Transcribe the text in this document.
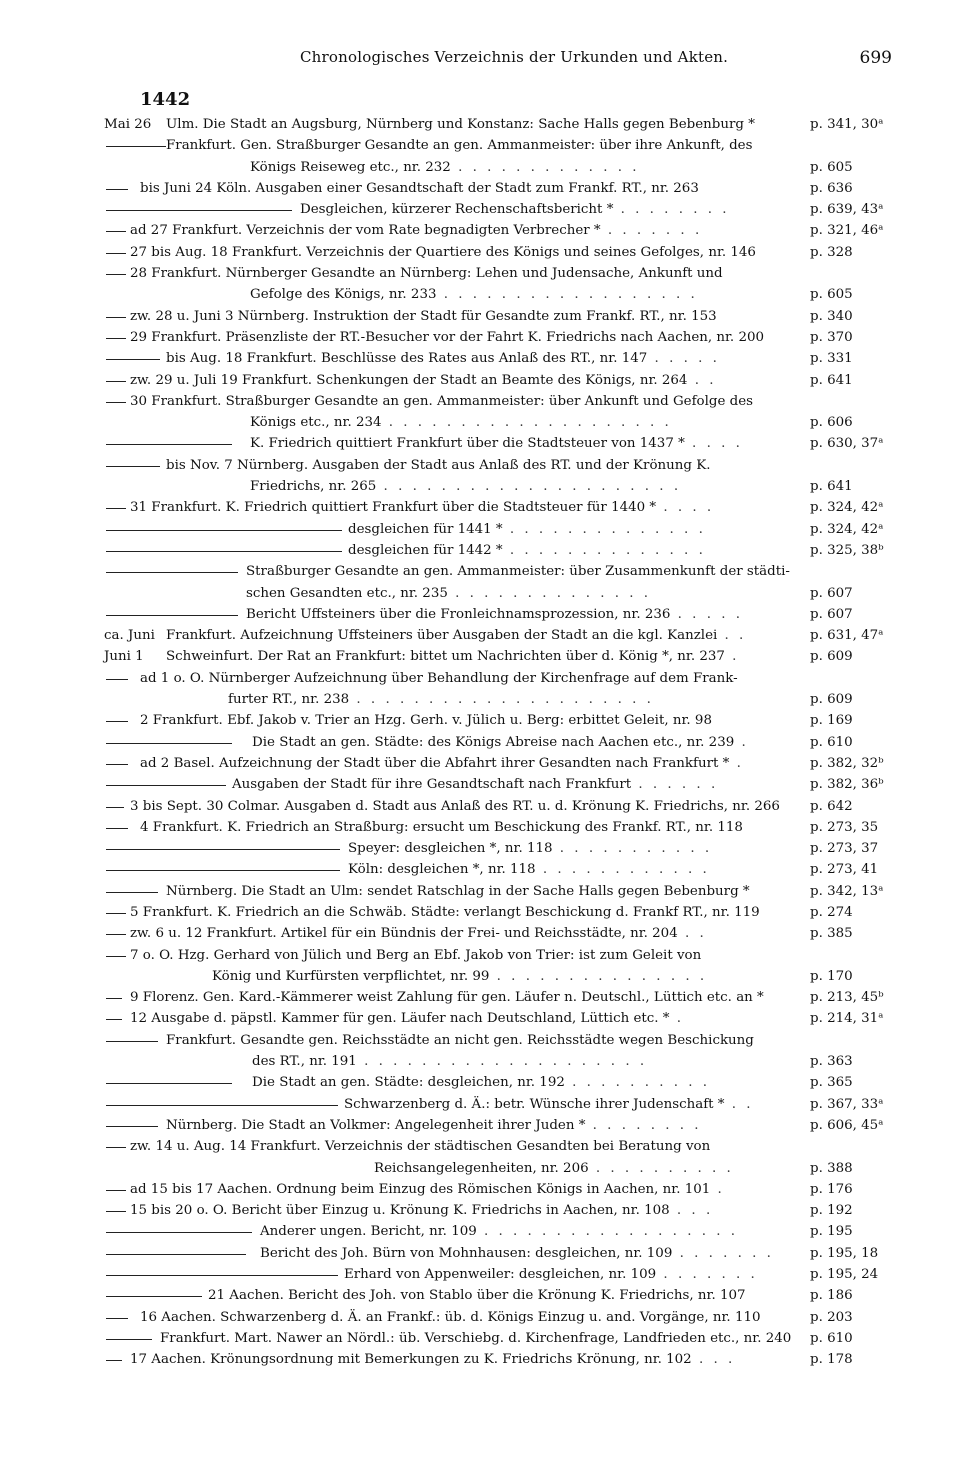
Chronologisches Verzeichnis der Urkunden und Akten.	699
1442
Mai 26 Ulm. Die Stadt an Augsburg, Nürnberg und Konstanz: Sache Halls gegen Bebenburg *	p. 341, 30ᵃ
Frankfurt. Gen. Straßburger Gesandte an gen. Ammanmeister: über ihre Ankunft, des
Königs Reiseweg etc., nr. 232 . . . . . . . . . . . . .	p. 605
bis Juni 24 Köln. Ausgaben einer Gesandtschaft der Stadt zum Frankf. RT., nr. 263	p. 636
Desgleichen, kürzerer Rechenschaftsbericht * . . . . . . . .	p. 639, 43ᵃ
ad 27 Frankfurt. Verzeichnis der vom Rate begnadigten Verbrecher * . . . . . . .	p. 321, 46ᵃ
27 bis Aug. 18 Frankfurt. Verzeichnis der Quartiere des Königs und seines Gefolges, nr. 146	p. 328
28 Frankfurt. Nürnberger Gesandte an Nürnberg: Lehen und Judensache, Ankunft und
Gefolge des Königs, nr. 233 . . . . . . . . . . . . . . . . . .	p. 605
zw. 28 u. Juni 3 Nürnberg. Instruktion der Stadt für Gesandte zum Frankf. RT., nr. 153	p. 340
29 Frankfurt. Präsenzliste der RT.-Besucher vor der Fahrt K. Friedrichs nach Aachen, nr. 200	p. 370
bis Aug. 18 Frankfurt. Beschlüsse des Rates aus Anlaß des RT., nr. 147 . . . . .	p. 331
zw. 29 u. Juli 19 Frankfurt. Schenkungen der Stadt an Beamte des Königs, nr. 264 . .	p. 641
30 Frankfurt. Straßburger Gesandte an gen. Ammanmeister: über Ankunft und Gefolge des
Königs etc., nr. 234 . . . . . . . . . . . . . . . . . . . .	p. 606
K. Friedrich quittiert Frankfurt über die Stadtsteuer von 1437 * . . . .	p. 630, 37ᵃ
bis Nov. 7 Nürnberg. Ausgaben der Stadt aus Anlaß des RT. und der Krönung K.
Friedrichs, nr. 265 . . . . . . . . . . . . . . . . . . . . .	p. 641
31 Frankfurt. K. Friedrich quittiert Frankfurt über die Stadtsteuer für 1440 * . . . .	p. 324, 42ᵃ
desgleichen für 1441 * . . . . . . . . . . . . . .	p. 324, 42ᵃ
desgleichen für 1442 * . . . . . . . . . . . . . .	p. 325, 38ᵇ
Straßburger Gesandte an gen. Ammanmeister: über Zusammenkunft der städti-
schen Gesandten etc., nr. 235 . . . . . . . . . . . . . .	p. 607
Bericht Uffsteiners über die Fronleichnamsprozession, nr. 236 . . . . .	p. 607
ca. Juni Frankfurt. Aufzeichnung Uffsteiners über Ausgaben der Stadt an die kgl. Kanzlei . .	p. 631, 47ᵃ
Juni 1 Schweinfurt. Der Rat an Frankfurt: bittet um Nachrichten über d. König *, nr. 237 .	p. 609
ad 1 o. O. Nürnberger Aufzeichnung über Behandlung der Kirchenfrage auf dem Frank-
furter RT., nr. 238 . . . . . . . . . . . . . . . . . . . . .	p. 609
2 Frankfurt. Ebf. Jakob v. Trier an Hzg. Gerh. v. Jülich u. Berg: erbittet Geleit, nr. 98	p. 169
Die Stadt an gen. Städte: des Königs Abreise nach Aachen etc., nr. 239 .	p. 610
ad 2 Basel. Aufzeichnung der Stadt über die Abfahrt ihrer Gesandten nach Frankfurt * .	p. 382, 32ᵇ
Ausgaben der Stadt für ihre Gesandtschaft nach Frankfurt . . . . . .	p. 382, 36ᵇ
3 bis Sept. 30 Colmar. Ausgaben d. Stadt aus Anlaß des RT. u. d. Krönung K. Friedrichs, nr. 266 p. 642
4 Frankfurt. K. Friedrich an Straßburg: ersucht um Beschickung des Frankf. RT., nr. 118	p. 273, 35
Speyer: desgleichen *, nr. 118 . . . . . . . . . . .	p. 273, 37
Köln: desgleichen *, nr. 118 . . . . . . . . . . . .	p. 273, 41
Nürnberg. Die Stadt an Ulm: sendet Ratschlag in der Sache Halls gegen Bebenburg *	p. 342, 13ᵃ
5 Frankfurt. K. Friedrich an die Schwäb. Städte: verlangt Beschickung d. Frankf RT., nr. 119	p. 274
zw. 6 u. 12 Frankfurt. Artikel für ein Bündnis der Frei- und Reichsstädte, nr. 204 . .	p. 385
7 o. O. Hzg. Gerhard von Jülich und Berg an Ebf. Jakob von Trier: ist zum Geleit von
König und Kurfürsten verpflichtet, nr. 99 . . . . . . . . . . . . . . .	p. 170
9 Florenz. Gen. Kard.-Kämmerer weist Zahlung für gen. Läufer n. Deutschl., Lüttich etc. an *	p. 213, 45ᵇ
12 Ausgabe d. päpstl. Kammer für gen. Läufer nach Deutschland, Lüttich etc. * .	p. 214, 31ᵃ
Frankfurt. Gesandte gen. Reichsstädte an nicht gen. Reichsstädte wegen Beschickung
des RT., nr. 191 . . . . . . . . . . . . . . . . . . . .	p. 363
Die Stadt an gen. Städte: desgleichen, nr. 192 . . . . . . . . . .	p. 365
Schwarzenberg d. Ä.: betr. Wünsche ihrer Judenschaft * . .	p. 367, 33ᵃ
Nürnberg. Die Stadt an Volkmer: Angelegenheit ihrer Juden * . . . . . . . .	p. 606, 45ᵃ
zw. 14 u. Aug. 14 Frankfurt. Verzeichnis der städtischen Gesandten bei Beratung von
Reichsangelegenheiten, nr. 206 . . . . . . . . . .	p. 388
ad 15 bis 17 Aachen. Ordnung beim Einzug des Römischen Königs in Aachen, nr. 101 .	p. 176
15 bis 20 o. O. Bericht über Einzug u. Krönung K. Friedrichs in Aachen, nr. 108 . . .	p. 192
Anderer ungen. Bericht, nr. 109 . . . . . . . . . . . . . . . . . .	p. 195
Bericht des Joh. Bürn von Mohnhausen: desgleichen, nr. 109 . . . . . . .	p. 195, 18
Erhard von Appenweiler: desgleichen, nr. 109 . . . . . . .	p. 195, 24
21 Aachen. Bericht des Joh. von Stablo über die Krönung K. Friedrichs, nr. 107	p. 186
16 Aachen. Schwarzenberg d. Ä. an Frankf.: üb. d. Königs Einzug u. and. Vorgänge, nr. 110	p. 203
Frankfurt. Mart. Nawer an Nördl.: üb. Verschiebg. d. Kirchenfrage, Landfrieden etc., nr. 240 p. 610
17 Aachen. Krönungsordnung mit Bemerkungen zu K. Friedrichs Krönung, nr. 102 . . .	p. 178
